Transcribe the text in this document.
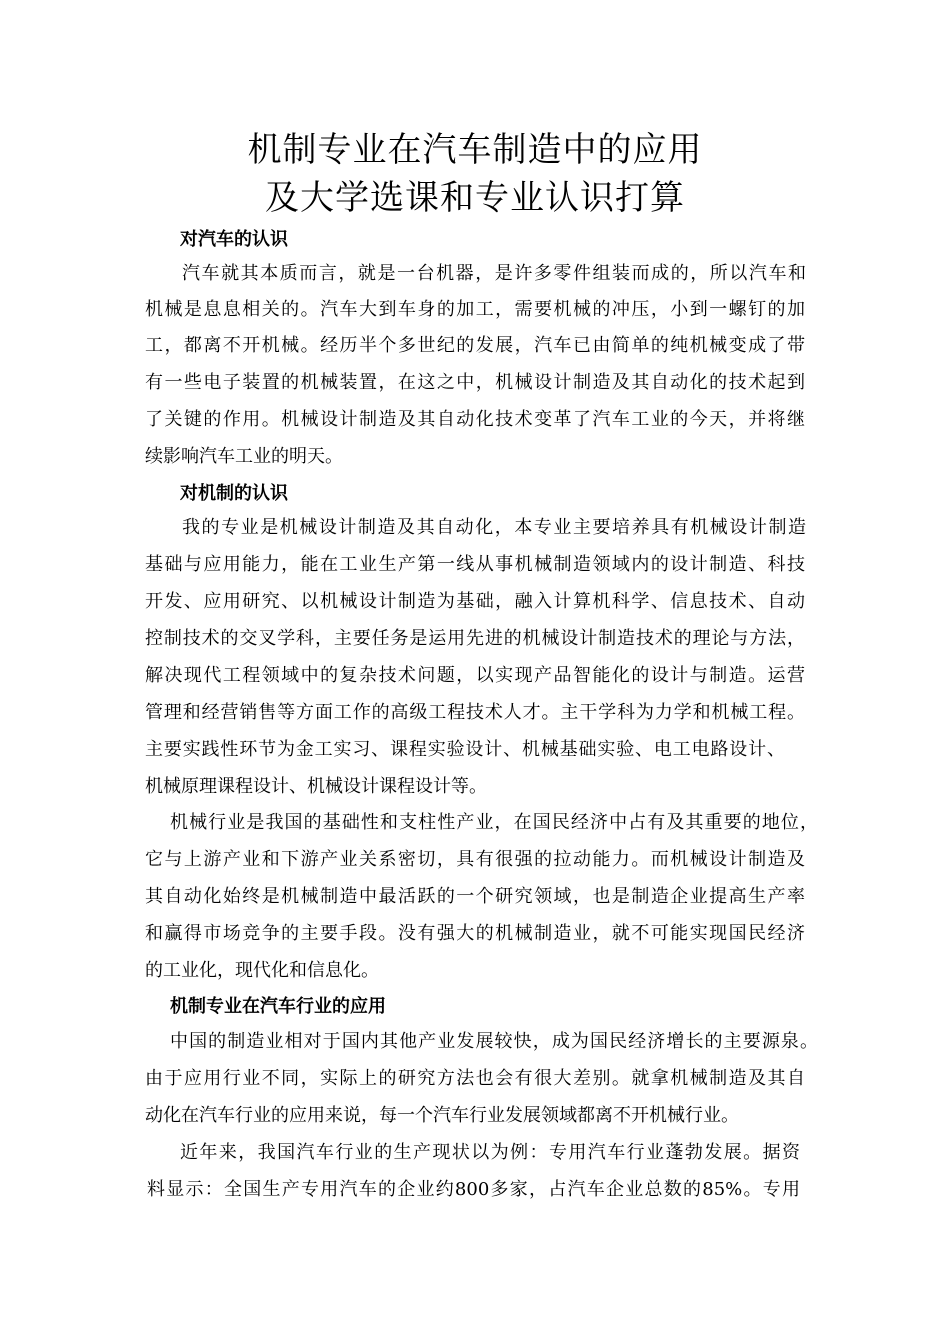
机制专业在汽车制造中的应用
及大学选课和专业认识打算
对汽车的认识
汽车就其本质而言，就是一台机器，是许多零件组装而成的，所以汽车和
机械是息息相关的。汽车大到车身的加工，需要机械的冲压，小到一螺钉的加
工，都离不开机械。经历半个多世纪的发展，汽车已由简单的纯机械变成了带
有一些电子装置的机械装置，在这之中，机械设计制造及其自动化的技术起到
了关键的作用。机械设计制造及其自动化技术变革了汽车工业的今天，并将继
续影响汽车工业的明天。
对机制的认识
我的专业是机械设计制造及其自动化，本专业主要培养具有机械设计制造
基础与应用能力，能在工业生产第一线从事机械制造领域内的设计制造、科技
开发、应用研究、以机械设计制造为基础，融入计算机科学、信息技术、自动
控制技术的交叉学科，主要任务是运用先进的机械设计制造技术的理论与方法，
解决现代工程领域中的复杂技术问题，以实现产品智能化的设计与制造。运营
管理和经营销售等方面工作的高级工程技术人才。主干学科为力学和机械工程。
主要实践性环节为金工实习、课程实验设计、机械基础实验、电工电路设计、
机械原理课程设计、机械设计课程设计等。
机械行业是我国的基础性和支柱性产业，在国民经济中占有及其重要的地位，
它与上游产业和下游产业关系密切，具有很强的拉动能力。而机械设计制造及
其自动化始终是机械制造中最活跃的一个研究领域，也是制造企业提高生产率
和赢得市场竞争的主要手段。没有强大的机械制造业，就不可能实现国民经济
的工业化，现代化和信息化。
机制专业在汽车行业的应用
中国的制造业相对于国内其他产业发展较快，成为国民经济增长的主要源泉。
由于应用行业不同，实际上的研究方法也会有很大差别。就拿机械制造及其自
动化在汽车行业的应用来说，每一个汽车行业发展领域都离不开机械行业。
近年来，我国汽车行业的生产现状以为例：专用汽车行业蓬勃发展。据资
料显示：全国生产专用汽车的企业约800多家，占汽车企业总数的85%。专用
